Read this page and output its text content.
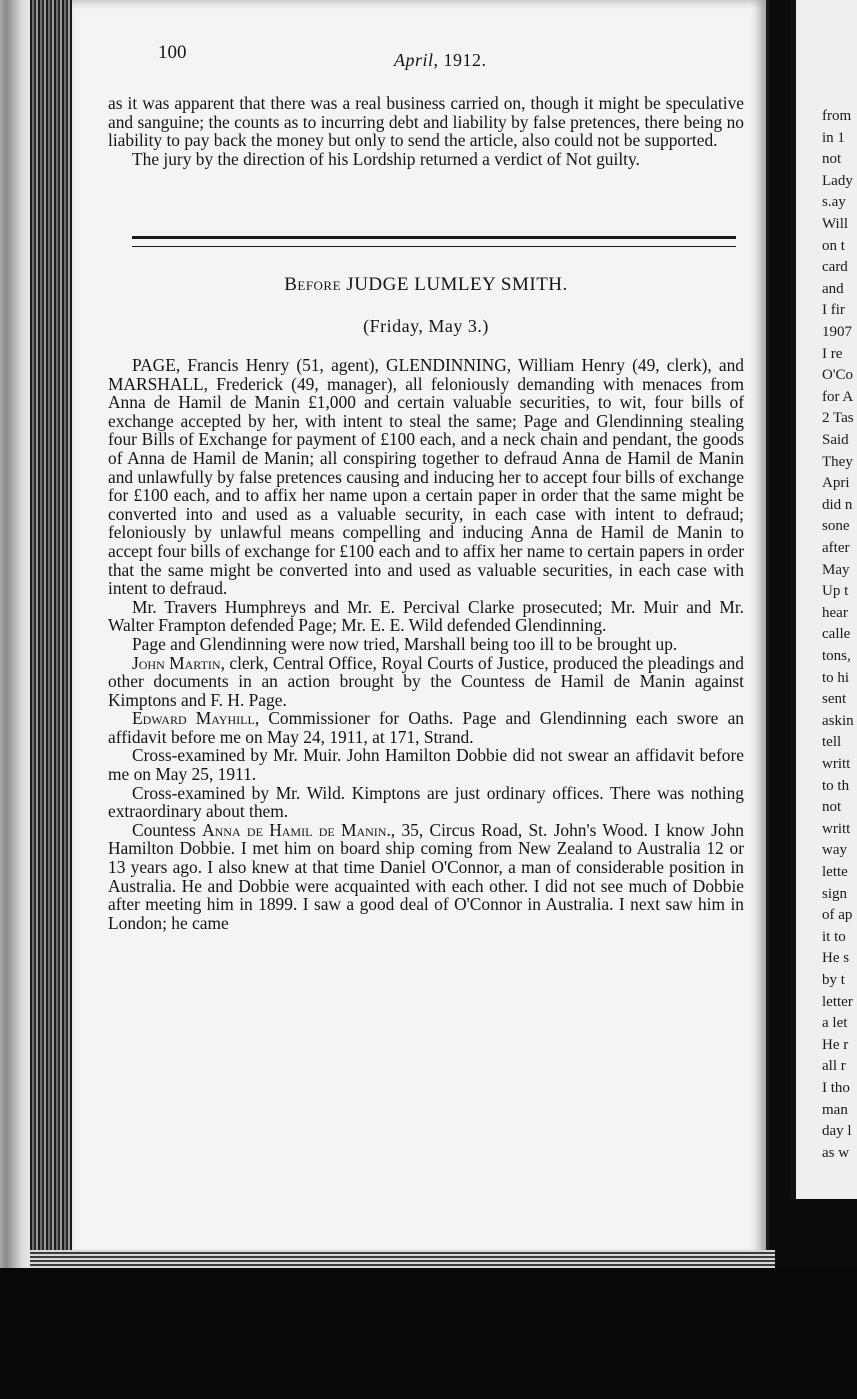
from
in 1
not
Lady
s.ay
Will
on t
card
and
I fir
1907
I re
O'Co
for A
2 Tas
Said
They
Apri
did n
sone
after
May
Up t
hear
calle
tons,
to hi
sent
askin
tell
writt
to th
not
writt
way
lette
sign
of ap
it to
He s
by t
letter
a let
He r
all r
I tho
man
day l
as w
100	April, 1912.

as it was apparent that there was a real business carried on, though it might be speculative and sanguine; the counts as to incurring debt and liability by false pretences, there being no liability to pay back the money but only to send the article, also could not be supported.

The jury by the direction of his Lordship returned a verdict of Not guilty.

Before JUDGE LUMLEY SMITH.
(Friday, May 3.)

PAGE, Francis Henry (51, agent), GLENDINNING, William Henry (49, clerk), and MARSHALL, Frederick (49, manager), all feloniously demanding with menaces from Anna de Hamil de Manin £1,000 and certain valuable securities, to wit, four bills of exchange accepted by her, with intent to steal the same; Page and Glendinning stealing four Bills of Exchange for payment of £100 each, and a neck chain and pendant, the goods of Anna de Hamil de Manin; all conspiring together to defraud Anna de Hamil de Manin and unlawfully by false pretences causing and inducing her to accept four bills of exchange for £100 each, and to affix her name upon a certain paper in order that the same might be converted into and used as a valuable security, in each case with intent to defraud; feloniously by unlawful means compelling and inducing Anna de Hamil de Manin to accept four bills of exchange for £100 each and to affix her name to certain papers in order that the same might be converted into and used as valuable securities, in each case with intent to defraud.

Mr. Travers Humphreys and Mr. E. Percival Clarke prosecuted; Mr. Muir and Mr. Walter Frampton defended Page; Mr. E. E. Wild defended Glendinning.

Page and Glendinning were now tried, Marshall being too ill to be brought up.

John Martin, clerk, Central Office, Royal Courts of Justice, produced the pleadings and other documents in an action brought by the Countess de Hamil de Manin against Kimptons and F. H. Page.

Edward Mayhill, Commissioner for Oaths. Page and Glendinning each swore an affidavit before me on May 24, 1911, at 171, Strand.

Cross-examined by Mr. Muir. John Hamilton Dobbie did not swear an affidavit before me on May 25, 1911.

Cross-examined by Mr. Wild. Kimptons are just ordinary offices. There was nothing extraordinary about them.

Countess Anna de Hamil de Manin., 35, Circus Road, St. John's Wood. I know John Hamilton Dobbie. I met him on board ship coming from New Zealand to Australia 12 or 13 years ago. I also knew at that time Daniel O'Connor, a man of considerable position in Australia. He and Dobbie were acquainted with each other. I did not see much of Dobbie after meeting him in 1899. I saw a good deal of O'Connor in Australia. I next saw him in London; he came
